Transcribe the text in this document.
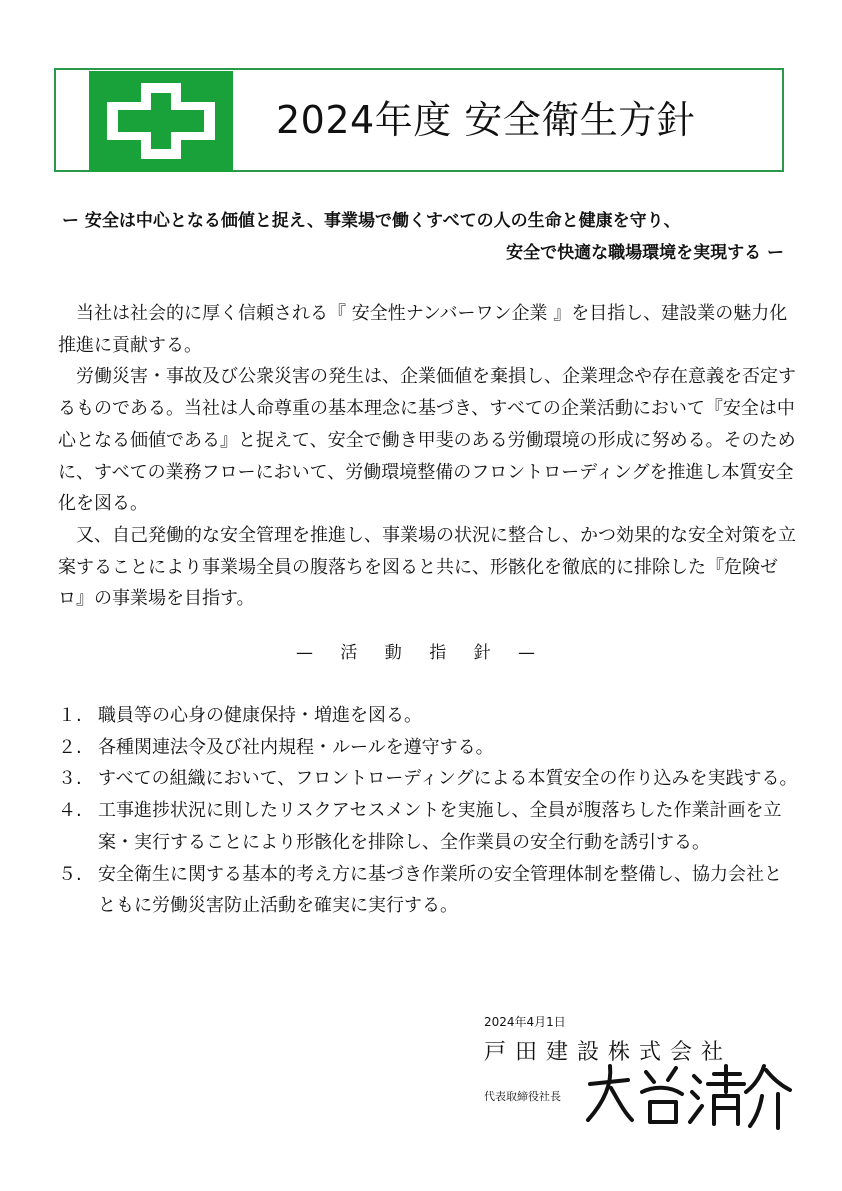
2024年度 安全衛生方針
ー 安全は中心となる価値と捉え、事業場で働くすべての人の生命と健康を守り、
安全で快適な職場環境を実現する ー

当社は社会的に厚く信頼される『 安全性ナンバーワン企業 』を目指し、建設業の魅力化推進に貢献する。

労働災害・事故及び公衆災害の発生は、企業価値を棄損し、企業理念や存在意義を否定するものである。当社は人命尊重の基本理念に基づき、すべての企業活動において『安全は中心となる価値である』と捉えて、安全で働き甲斐のある労働環境の形成に努める。そのために、すべての業務フローにおいて、労働環境整備のフロントローディングを推進し本質安全化を図る。

又、自己発働的な安全管理を推進し、事業場の状況に整合し、かつ効果的な安全対策を立案することにより事業場全員の腹落ちを図ると共に、形骸化を徹底的に排除した『危険ゼロ』の事業場を目指す。

— 活 動 指 針 —
１. 職員等の心身の健康保持・増進を図る。
２. 各種関連法令及び社内規程・ルールを遵守する。
３. すべての組織において、フロントローディングによる本質安全の作り込みを実践する。
４. 工事進捗状況に則したリスクアセスメントを実施し、全員が腹落ちした作業計画を立案・実行することにより形骸化を排除し、全作業員の安全行動を誘引する。
５. 安全衛生に関する基本的考え方に基づき作業所の安全管理体制を整備し、協力会社とともに労働災害防止活動を確実に実行する。
2024年4月1日
戸田建設株式会社
代表取締役社長
